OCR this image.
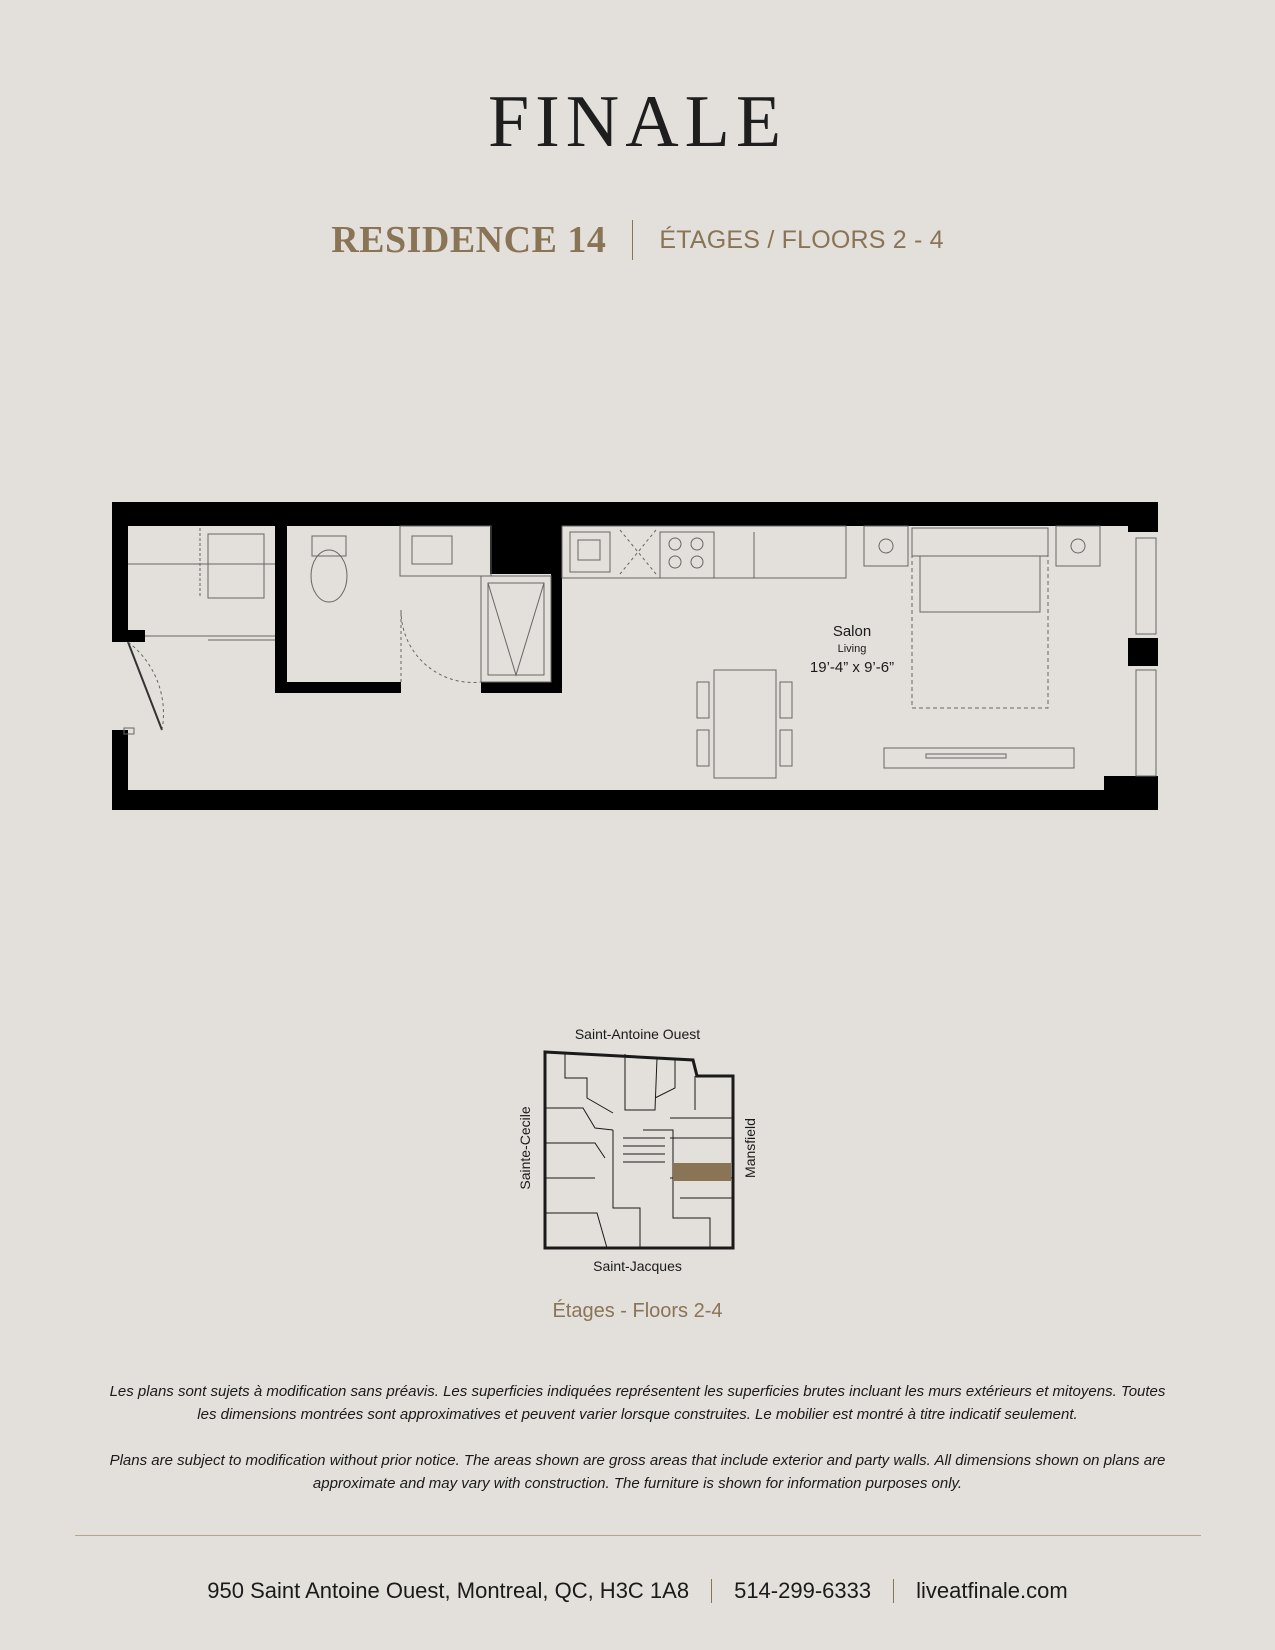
FINALE
RESIDENCE 14 ÉTAGES / FLOORS 2 - 4
Salon
Living
19’-4” x 9’-6”
Saint-Antoine Ouest
Saint-Jacques
Sainte-Cecile	Mansfield
Étages - Floors 2-4
Les plans sont sujets à modification sans préavis. Les superficies indiquées représentent les superficies brutes incluant les murs extérieurs et mitoyens. Toutes
les dimensions montrées sont approximatives et peuvent varier lorsque construites. Le mobilier est montré à titre indicatif seulement.
Plans are subject to modification without prior notice. The areas shown are gross areas that include exterior and party walls. All dimensions shown on plans are
approximate and may vary with construction. The furniture is shown for information purposes only.
950 Saint Antoine Ouest, Montreal, QC, H3C 1A8 514-299-6333 liveatfinale.com
